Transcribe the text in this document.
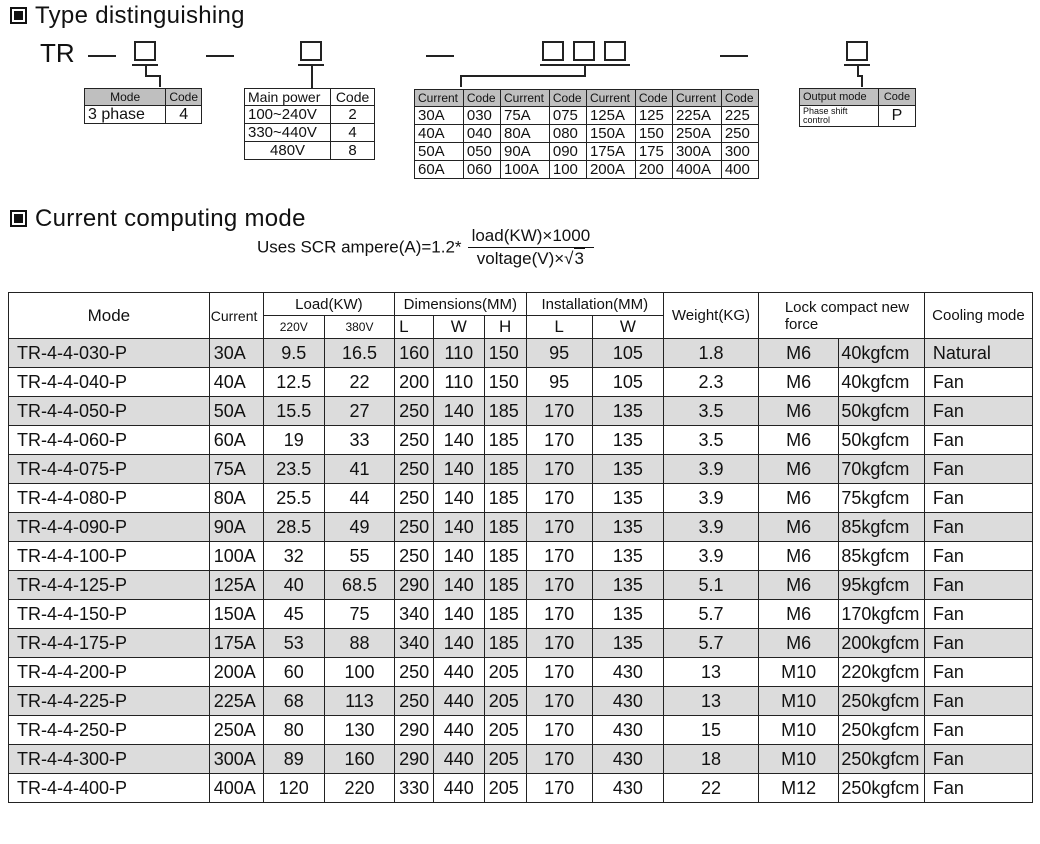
Type distinguishing
TR
Mode	Code
3 phase	4
Main power	Code
100~240V	2
330~440V	4
480V	8
Current	Code	Current	Code	Current	Code	Current	Code
30A	030	75A	075	125A	125	225A	225
40A	040	80A	080	150A	150	250A	250
50A	050	90A	090	175A	175	300A	300
60A	060	100A	100	200A	200	400A	400
Output mode	Code
Phase shift control	P
Current computing mode
Uses SCR ampere(A)=1.2* $\frac{\text{load(KW)×1000}}{\text{voltage(V)×√3}}$
Mode	Current	Load(KW)		Dimensions(MM)			Installation(MM)		Weight(KG)	Lock compact new force		Cooling mode
		220V	380V	L	W	H	L	W				
TR-4-4-030-P	30A	9.5	16.5	160	110	150	95	105	1.8	M6	40kgfcm	Natural
TR-4-4-040-P	40A	12.5	22	200	110	150	95	105	2.3	M6	40kgfcm	Fan
TR-4-4-050-P	50A	15.5	27	250	140	185	170	135	3.5	M6	50kgfcm	Fan
TR-4-4-060-P	60A	19	33	250	140	185	170	135	3.5	M6	50kgfcm	Fan
TR-4-4-075-P	75A	23.5	41	250	140	185	170	135	3.9	M6	70kgfcm	Fan
TR-4-4-080-P	80A	25.5	44	250	140	185	170	135	3.9	M6	75kgfcm	Fan
TR-4-4-090-P	90A	28.5	49	250	140	185	170	135	3.9	M6	85kgfcm	Fan
TR-4-4-100-P	100A	32	55	250	140	185	170	135	3.9	M6	85kgfcm	Fan
TR-4-4-125-P	125A	40	68.5	290	140	185	170	135	5.1	M6	95kgfcm	Fan
TR-4-4-150-P	150A	45	75	340	140	185	170	135	5.7	M6	170kgfcm	Fan
TR-4-4-175-P	175A	53	88	340	140	185	170	135	5.7	M6	200kgfcm	Fan
TR-4-4-200-P	200A	60	100	250	440	205	170	430	13	M10	220kgfcm	Fan
TR-4-4-225-P	225A	68	113	250	440	205	170	430	13	M10	250kgfcm	Fan
TR-4-4-250-P	250A	80	130	290	440	205	170	430	15	M10	250kgfcm	Fan
TR-4-4-300-P	300A	89	160	290	440	205	170	430	18	M10	250kgfcm	Fan
TR-4-4-400-P	400A	120	220	330	440	205	170	430	22	M12	250kgfcm	Fan
